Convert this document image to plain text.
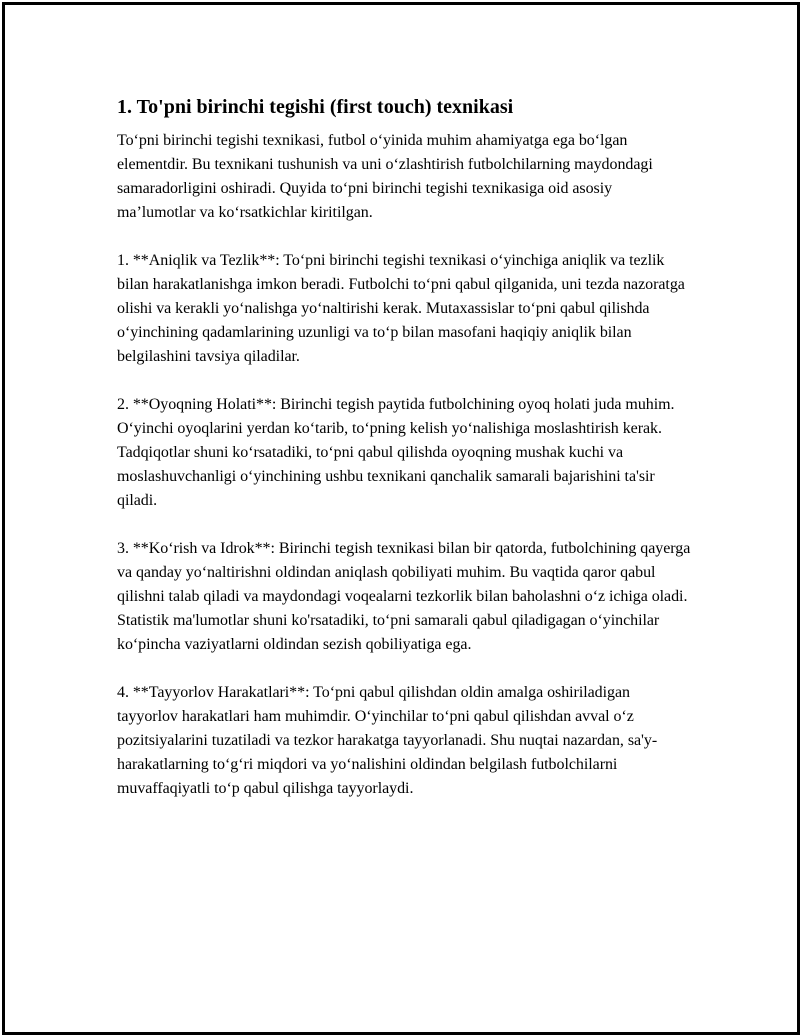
1. To'pni birinchi tegishi (first touch) texnikasi

To‘pni birinchi tegishi texnikasi, futbol o‘yinida muhim ahamiyatga ega bo‘lgan elementdir. Bu texnikani tushunish va uni o‘zlashtirish futbolchilarning maydondagi samaradorligini oshiradi. Quyida to‘pni birinchi tegishi texnikasiga oid asosiy ma’lumotlar va ko‘rsatkichlar kiritilgan.

1. **Aniqlik va Tezlik**: To‘pni birinchi tegishi texnikasi o‘yinchiga aniqlik va tezlik bilan harakatlanishga imkon beradi. Futbolchi to‘pni qabul qilganida, uni tezda nazoratga olishi va kerakli yo‘nalishga yo‘naltirishi kerak. Mutaxassislar to‘pni qabul qilishda o‘yinchining qadamlarining uzunligi va to‘p bilan masofani haqiqiy aniqlik bilan belgilashini tavsiya qiladilar.

2. **Oyoqning Holati**: Birinchi tegish paytida futbolchining oyoq holati juda muhim. O‘yinchi oyoqlarini yerdan ko‘tarib, to‘pning kelish yo‘nalishiga moslashtirish kerak. Tadqiqotlar shuni ko‘rsatadiki, to‘pni qabul qilishda oyoqning mushak kuchi va moslashuvchanligi o‘yinchining ushbu texnikani qanchalik samarali bajarishini ta'sir qiladi.

3. **Ko‘rish va Idrok**: Birinchi tegish texnikasi bilan bir qatorda, futbolchining qayerga va qanday yo‘naltirishni oldindan aniqlash qobiliyati muhim. Bu vaqtida qaror qabul qilishni talab qiladi va maydondagi voqealarni tezkorlik bilan baholashni o‘z ichiga oladi. Statistik ma'lumotlar shuni ko'rsatadiki, to‘pni samarali qabul qiladigagan o‘yinchilar ko‘pincha vaziyatlarni oldindan sezish qobiliyatiga ega.

4. **Tayyorlov Harakatlari**: To‘pni qabul qilishdan oldin amalga oshiriladigan tayyorlov harakatlari ham muhimdir. O‘yinchilar to‘pni qabul qilishdan avval o‘z pozitsiyalarini tuzatiladi va tezkor harakatga tayyorlanadi. Shu nuqtai nazardan, sa'y-harakatlarning to‘g‘ri miqdori va yo‘nalishini oldindan belgilash futbolchilarni muvaffaqiyatli to‘p qabul qilishga tayyorlaydi.
